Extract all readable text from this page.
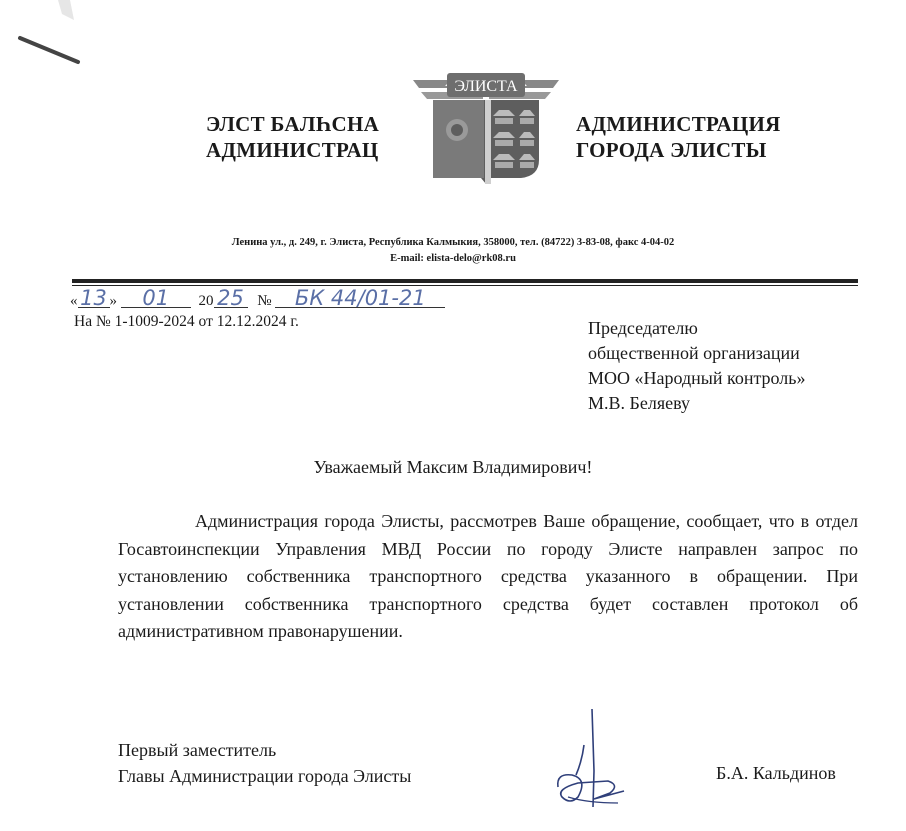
ЭЛСТ БАЛҺСНА
АДМИНИСТРАЦ
ЭЛИСТА
АДМИНИСТРАЦИЯ
ГОРОДА ЭЛИСТЫ
Ленина ул., д. 249, г. Элиста, Республика Калмыкия, 358000, тел. (84722) 3-83-08, факс 4-04-02
E-mail: elista-delo@rk08.ru
« 13 » 01 20 25 № БК 44/01-21
На № 1-1009-2024 от 12.12.2024 г.	Председателю
общественной организации
МОО «Народный контроль»
М.В. Беляеву
Уважаемый Максим Владимирович!
Администрация города Элисты, рассмотрев Ваше обращение, сообщает, что в отдел Госавтоинспекции Управления МВД России по городу Элисте направлен запрос по установлению собственника транспортного средства указанного в обращении. При установлении собственника транспортного средства будет составлен протокол об административном правонарушении.
Первый заместитель
Главы Администрации города Элисты	Б.А. Кальдинов
